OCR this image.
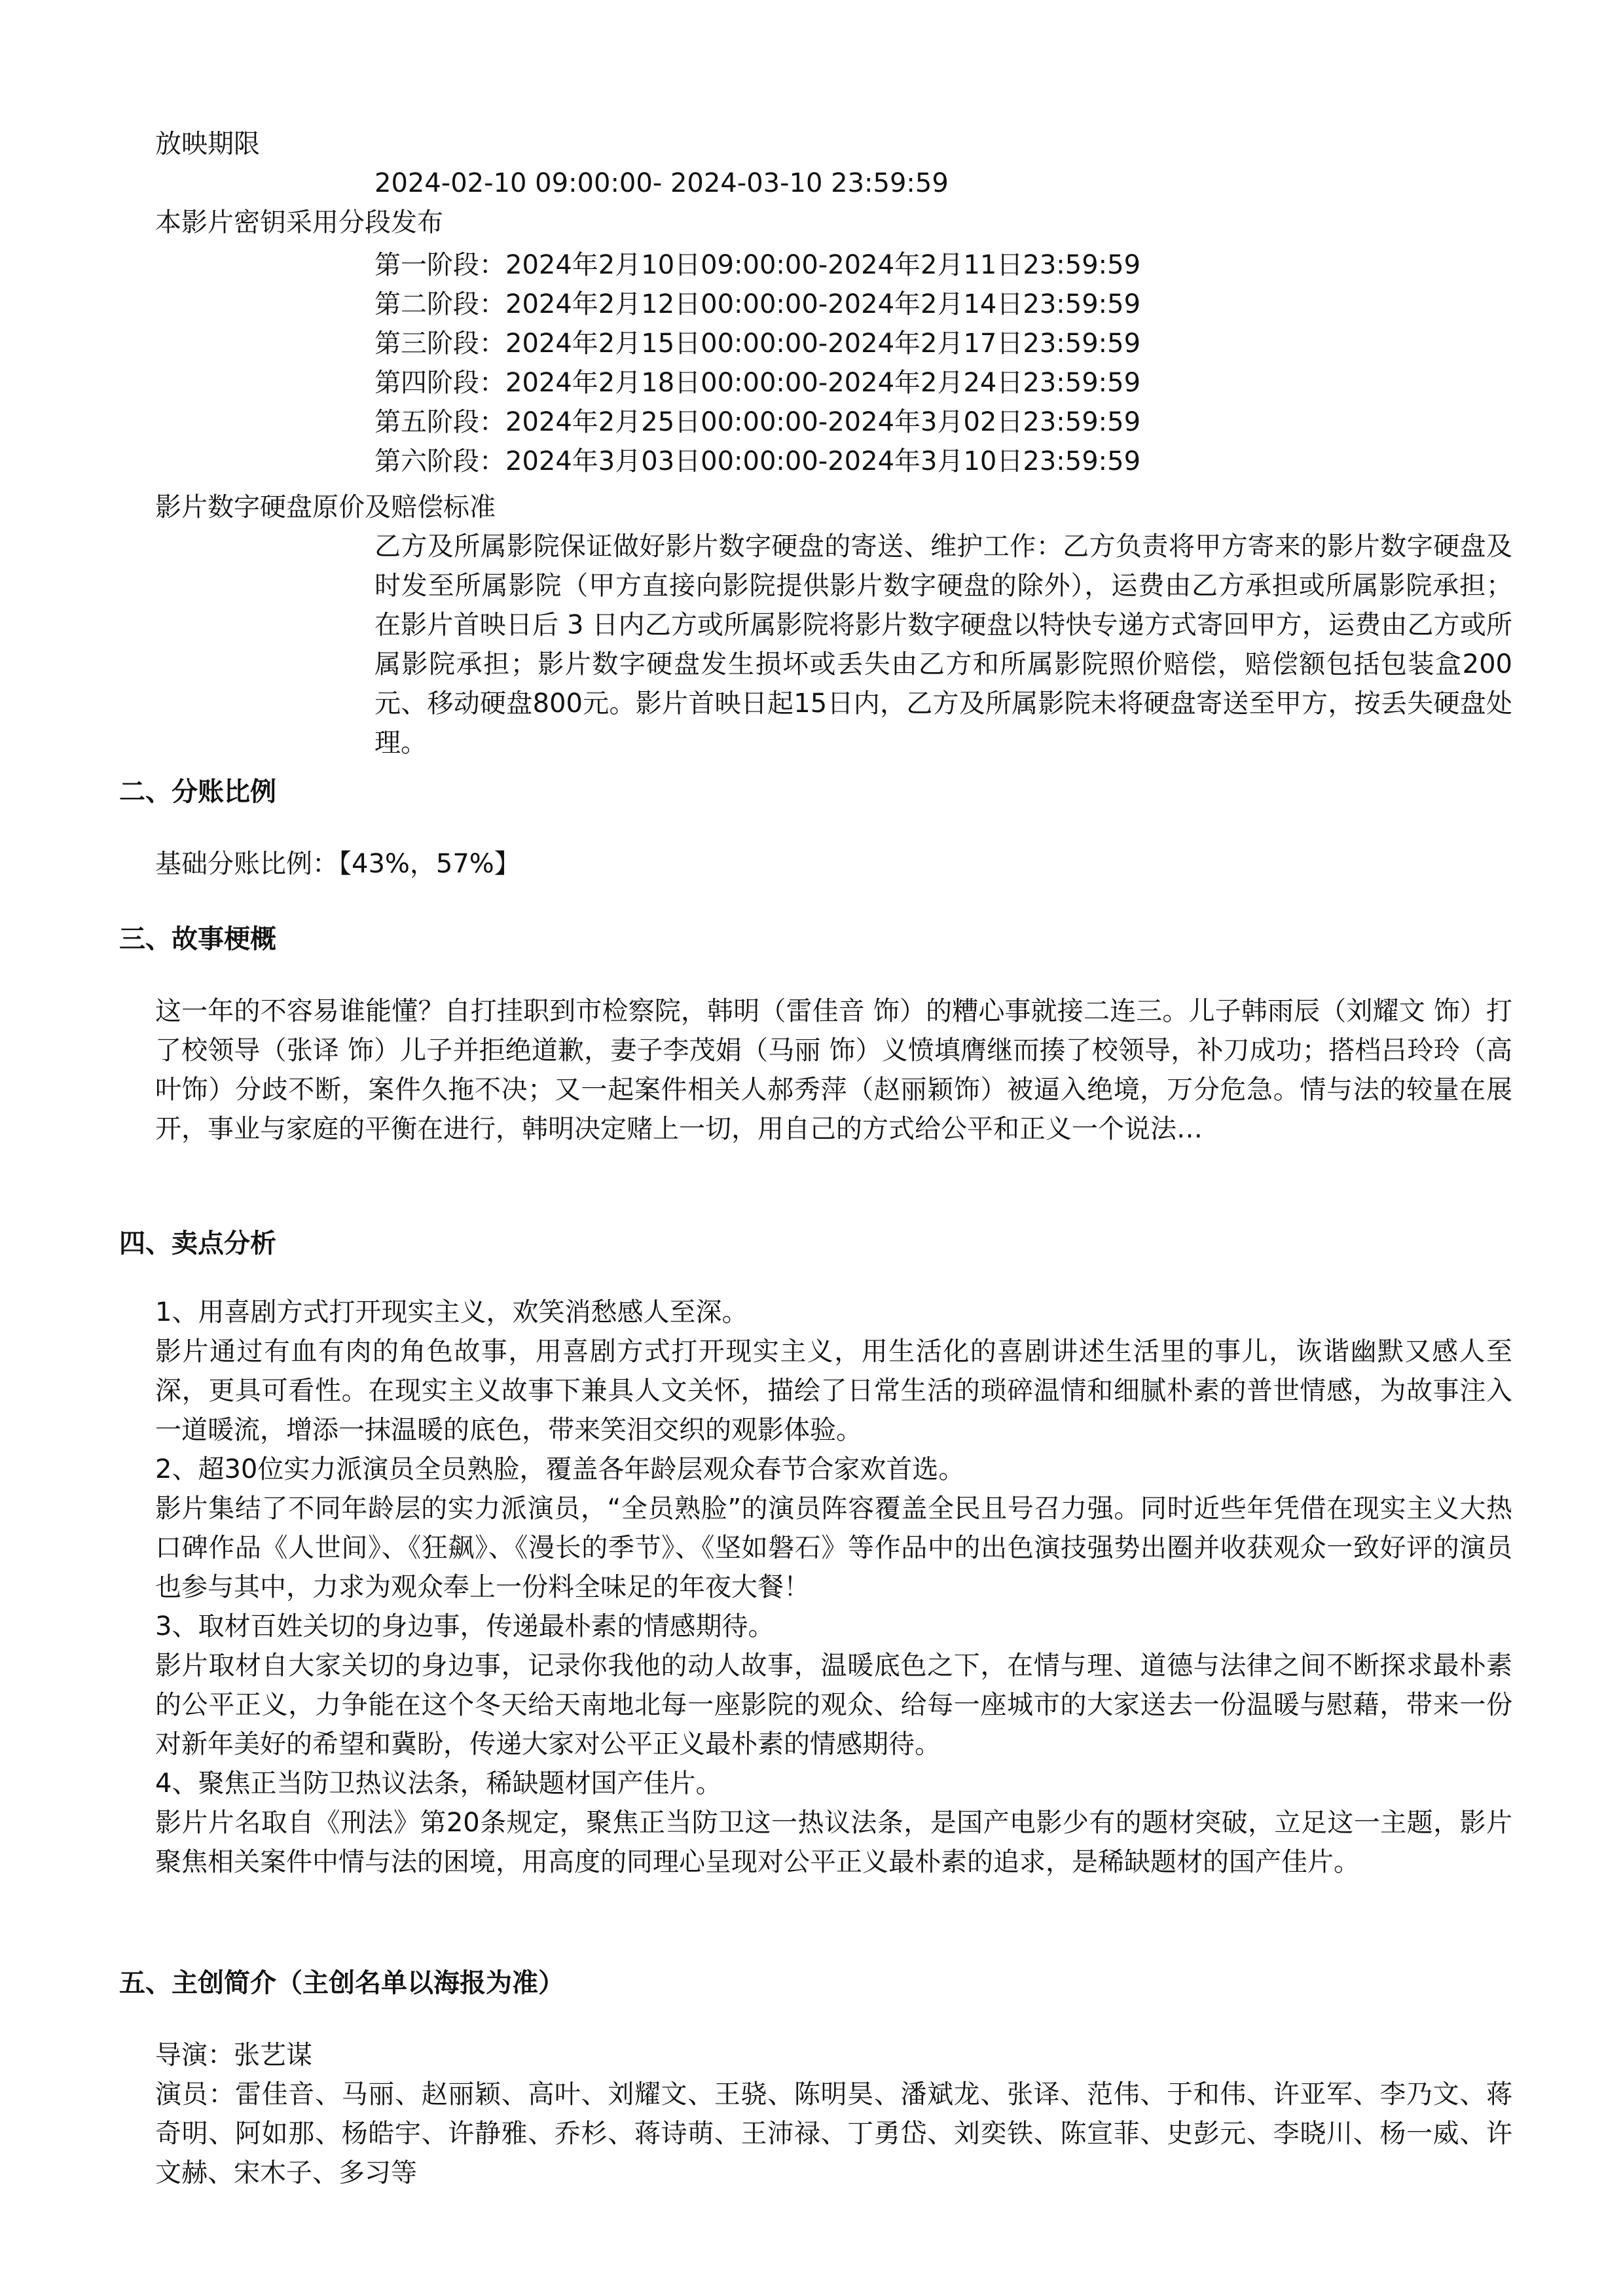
放映期限
2024-02-10 09:00:00- 2024-03-10 23:59:59
本影片密钥采用分段发布
第一阶段：2024年2月10日09:00:00-2024年2月11日23:59:59
第二阶段：2024年2月12日00:00:00-2024年2月14日23:59:59
第三阶段：2024年2月15日00:00:00-2024年2月17日23:59:59
第四阶段：2024年2月18日00:00:00-2024年2月24日23:59:59
第五阶段：2024年2月25日00:00:00-2024年3月02日23:59:59
第六阶段：2024年3月03日00:00:00-2024年3月10日23:59:59
影片数字硬盘原价及赔偿标准
乙方及所属影院保证做好影片数字硬盘的寄送、维护工作：乙方负责将甲方寄来的影片数字硬盘及时发至所属影院（甲方直接向影院提供影片数字硬盘的除外），运费由乙方承担或所属影院承担；在影片首映日后 3 日内乙方或所属影院将影片数字硬盘以特快专递方式寄回甲方，运费由乙方或所属影院承担；影片数字硬盘发生损坏或丢失由乙方和所属影院照价赔偿，赔偿额包括包装盒200元、移动硬盘800元。影片首映日起15日内，乙方及所属影院未将硬盘寄送至甲方，按丢失硬盘处理。
二、分账比例
基础分账比例：【43%，57%】
三、故事梗概
这一年的不容易谁能懂？自打挂职到市检察院，韩明（雷佳音 饰）的糟心事就接二连三。儿子韩雨辰（刘耀文 饰）打了校领导（张译 饰）儿子并拒绝道歉，妻子李茂娟（马丽 饰）义愤填膺继而揍了校领导，补刀成功；搭档吕玲玲（高叶饰）分歧不断，案件久拖不决；又一起案件相关人郝秀萍（赵丽颖饰）被逼入绝境，万分危急。情与法的较量在展开，事业与家庭的平衡在进行，韩明决定赌上一切，用自己的方式给公平和正义一个说法…
四、卖点分析
1、用喜剧方式打开现实主义，欢笑消愁感人至深。
影片通过有血有肉的角色故事，用喜剧方式打开现实主义，用生活化的喜剧讲述生活里的事儿，诙谐幽默又感人至深，更具可看性。在现实主义故事下兼具人文关怀，描绘了日常生活的琐碎温情和细腻朴素的普世情感，为故事注入一道暖流，增添一抹温暖的底色，带来笑泪交织的观影体验。
2、超30位实力派演员全员熟脸，覆盖各年龄层观众春节合家欢首选。
影片集结了不同年龄层的实力派演员，“全员熟脸”的演员阵容覆盖全民且号召力强。同时近些年凭借在现实主义大热口碑作品《人世间》、《狂飙》、《漫长的季节》、《坚如磐石》等作品中的出色演技强势出圈并收获观众一致好评的演员也参与其中，力求为观众奉上一份料全味足的年夜大餐！
3、取材百姓关切的身边事，传递最朴素的情感期待。
影片取材自大家关切的身边事，记录你我他的动人故事，温暖底色之下，在情与理、道德与法律之间不断探求最朴素的公平正义，力争能在这个冬天给天南地北每一座影院的观众、给每一座城市的大家送去一份温暖与慰藉，带来一份对新年美好的希望和冀盼，传递大家对公平正义最朴素的情感期待。
4、聚焦正当防卫热议法条，稀缺题材国产佳片。
影片片名取自《刑法》第20条规定，聚焦正当防卫这一热议法条，是国产电影少有的题材突破，立足这一主题，影片聚焦相关案件中情与法的困境，用高度的同理心呈现对公平正义最朴素的追求，是稀缺题材的国产佳片。
五、主创简介（主创名单以海报为准）
导演：张艺谋
演员：雷佳音、马丽、赵丽颖、高叶、刘耀文、王骁、陈明昊、潘斌龙、张译、范伟、于和伟、许亚军、李乃文、蒋奇明、阿如那、杨皓宇、许静雅、乔杉、蒋诗萌、王沛禄、丁勇岱、刘奕铁、陈宣菲、史彭元、李晓川、杨一威、许文赫、宋木子、多习等
